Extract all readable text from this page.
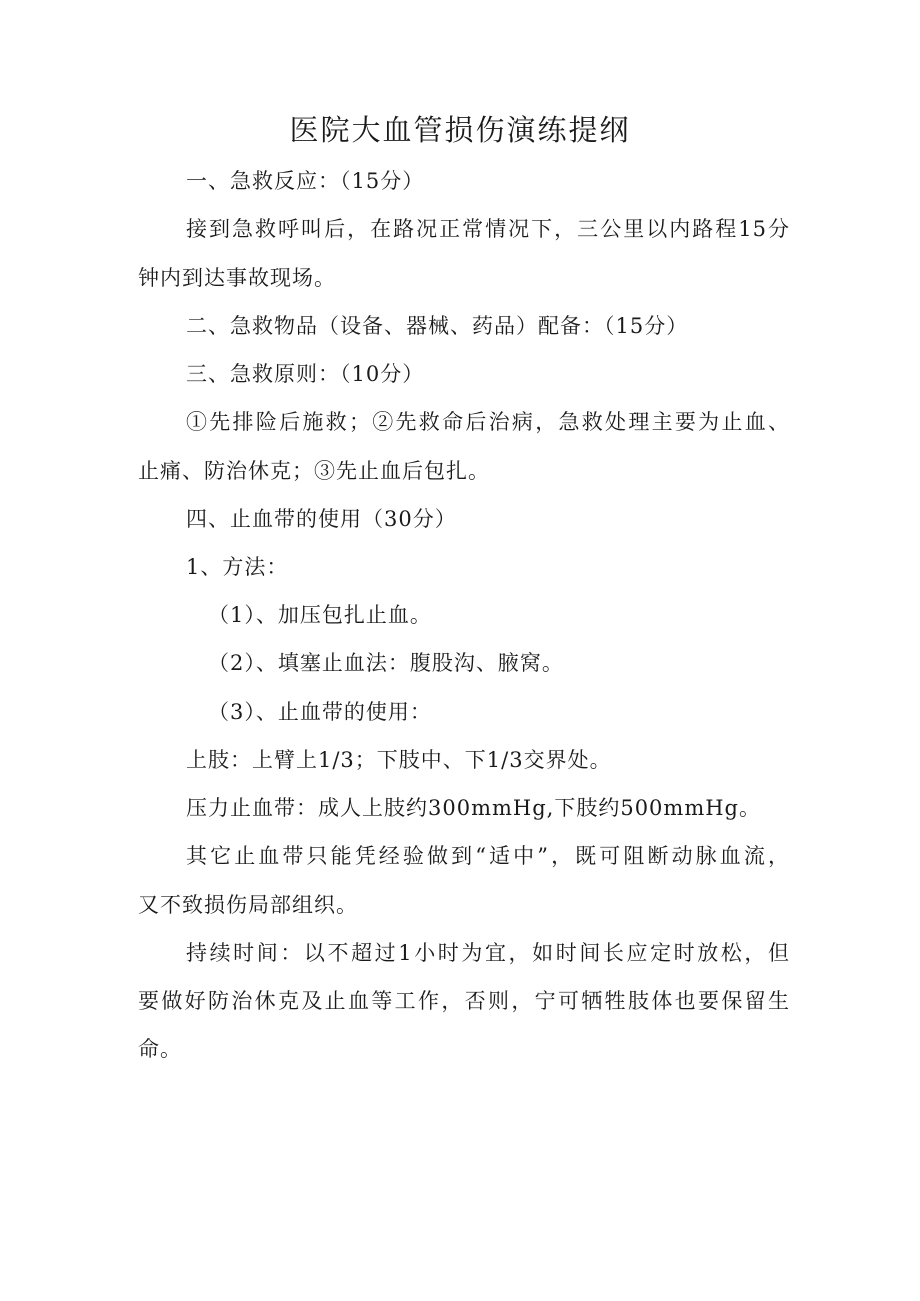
医院大血管损伤演练提纲
一、急救反应：（15分）
接到急救呼叫后，在路况正常情况下，三公里以内路程15分
钟内到达事故现场。
二、急救物品（设备、器械、药品）配备：（15分）
三、急救原则：（10分）
①先排险后施救；②先救命后治病，急救处理主要为止血、
止痛、防治休克；③先止血后包扎。
四、止血带的使用（30分）
1、方法：
（1）、加压包扎止血。
（2）、填塞止血法：腹股沟、腋窝。
（3）、止血带的使用：
上肢：上臂上1/3；下肢中、下1/3交界处。
压力止血带：成人上肢约300mmHg,下肢约500mmHg。
其它止血带只能凭经验做到“适中”，既可阻断动脉血流，
又不致损伤局部组织。
持续时间：以不超过1小时为宜，如时间长应定时放松，但
要做好防治休克及止血等工作，否则，宁可牺牲肢体也要保留生
命。
